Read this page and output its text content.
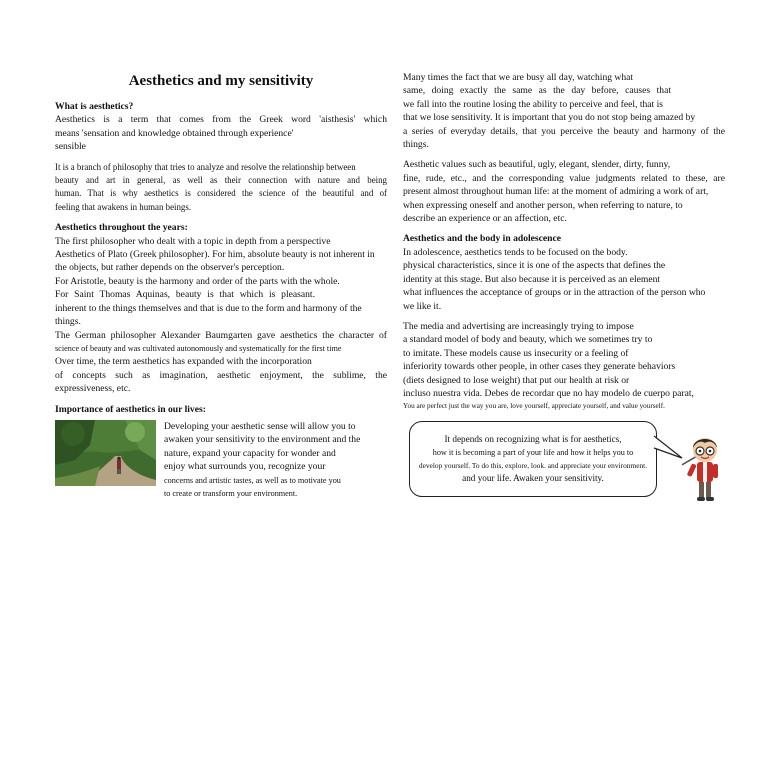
Aesthetics and my sensitivity
What is aesthetics?
Aesthetics is a term that comes from the Greek word 'aisthesis' which
means 'sensation and knowledge obtained through experience'
sensible
It is a branch of philosophy that tries to analyze and resolve the relationship between
beauty and art in general, as well as their connection with nature and being
human. That is why aesthetics is considered the science of the beautiful and of
feeling that awakens in human beings.
Aesthetics throughout the years:
The first philosopher who dealt with a topic in depth from a perspective
Aesthetics of Plato (Greek philosopher). For him, absolute beauty is not inherent in
the objects, but rather depends on the observer's perception.
For Aristotle, beauty is the harmony and order of the parts with the whole.
For Saint Thomas Aquinas, beauty is that which is pleasant.
inherent to the things themselves and that is due to the form and harmony of the
things.
The German philosopher Alexander Baumgarten gave aesthetics the character of
science of beauty and was cultivated autonomously and systematically for the first time
Over time, the term aesthetics has expanded with the incorporation
of concepts such as imagination, aesthetic enjoyment, the sublime, the
expressiveness, etc.
Importance of aesthetics in our lives:
Developing your aesthetic sense will allow you to
awaken your sensitivity to the environment and the
nature, expand your capacity for wonder and
enjoy what surrounds you, recognize your
concerns and artistic tastes, as well as to motivate you
to create or transform your environment.
Many times the fact that we are busy all day, watching what
same, doing exactly the same as the day before, causes that
we fall into the routine losing the ability to perceive and feel, that is
that we lose sensitivity. It is important that you do not stop being amazed by
a series of everyday details, that you perceive the beauty and harmony of the
things.
Aesthetic values such as beautiful, ugly, elegant, slender, dirty, funny,
fine, rude, etc., and the corresponding value judgments related to these, are
present almost throughout human life: at the moment of admiring a work of art,
when expressing oneself and another person, when referring to nature, to
describe an experience or an affection, etc.
Aesthetics and the body in adolescence
In adolescence, aesthetics tends to be focused on the body.
physical characteristics, since it is one of the aspects that defines the
identity at this stage. But also because it is perceived as an element
what influences the acceptance of groups or in the attraction of the person who
we like it.
The media and advertising are increasingly trying to impose
a standard model of body and beauty, which we sometimes try to
to imitate. These models cause us insecurity or a feeling of
inferiority towards other people, in other cases they generate behaviors
(diets designed to lose weight) that put our health at risk or
incluso nuestra vida. Debes de recordar que no hay modelo de cuerpo parat,
You are perfect just the way you are, love yourself, appreciate yourself, and value yourself.
It depends on recognizing what is for aesthetics,
how it is becoming a part of your life and how it helps you to
develop yourself. To do this, explore, look. and appreciate your environment.
and your life. Awaken your sensitivity.
